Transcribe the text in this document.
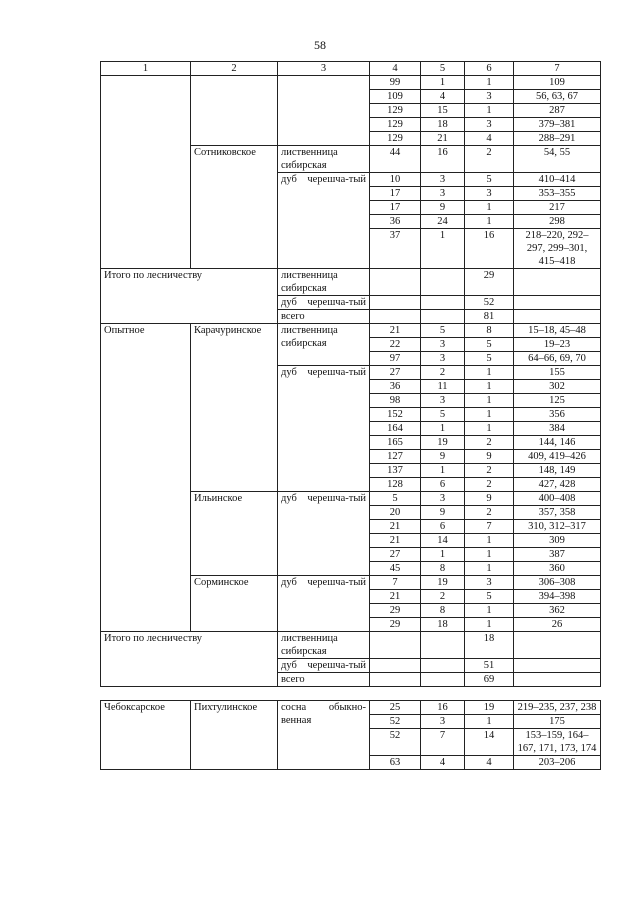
58
1	2	3	4	5	6	7
			99	1	1	109
			109	4	3	56, 63, 67
			129	15	1	287
			129	18	3	379–381
			129	21	4	288–291
	Сотниковское	лиственница сибирская	44	16	2	54, 55
		дуб черешча-тый	10	3	5	410–414
			17	3	3	353–355
			17	9	1	217
			36	24	1	298
			37	1	16	218–220, 292–297, 299–301, 415–418
Итого по лесничеству		лиственница сибирская			29	
		дуб черешча-тый			52	
		всего			81	
Опытное	Карачуринское	лиственница сибирская	21	5	8	15–18, 45–48
			22	3	5	19–23
			97	3	5	64–66, 69, 70
		дуб черешча-тый	27	2	1	155
			36	11	1	302
			98	3	1	125
			152	5	1	356
			164	1	1	384
			165	19	2	144, 146
			127	9	9	409, 419–426
			137	1	2	148, 149
			128	6	2	427, 428
	Ильинское	дуб черешча-тый	5	3	9	400–408
			20	9	2	357, 358
			21	6	7	310, 312–317
			21	14	1	309
			27	1	1	387
			45	8	1	360
	Сорминское	дуб черешча-тый	7	19	3	306–308
			21	2	5	394–398
			29	8	1	362
			29	18	1	26
Итого по лесничеству		лиственница сибирская			18	
		дуб черешча-тый			51	
		всего			69	

Чебоксарское	Пихтулинское	сосна обыкно-венная	25	16	19	219–235, 237, 238
			52	3	1	175
			52	7	14	153–159, 164–167, 171, 173, 174
			63	4	4	203–206
